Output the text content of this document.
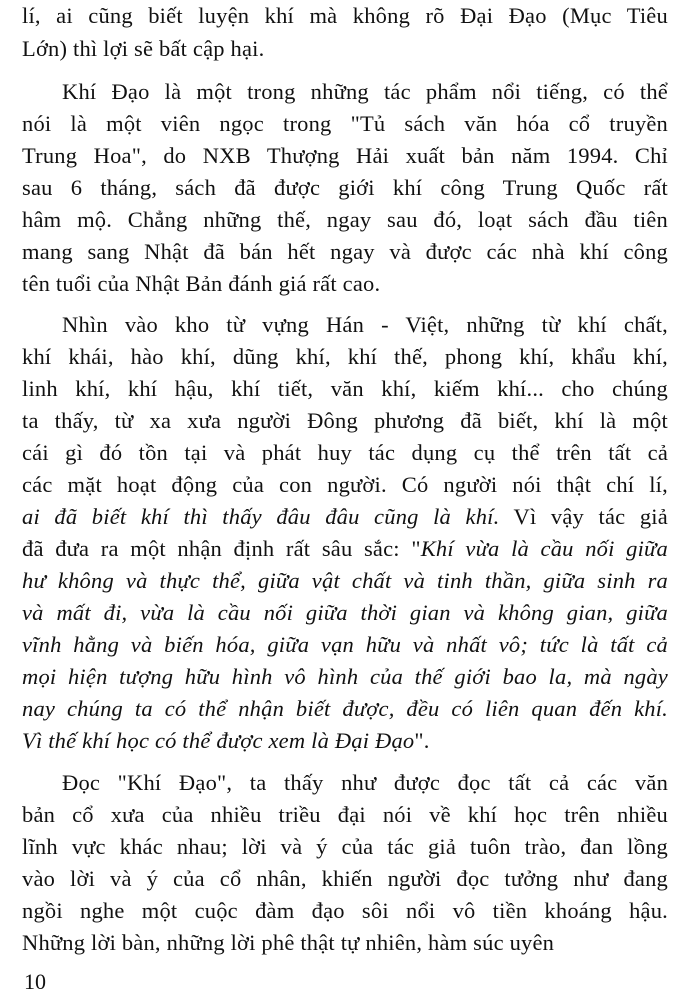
lí, ai cũng biết luyện khí mà không rõ Đại Đạo (Mục Tiêu
Lớn) thì lợi sẽ bất cập hại.
Khí Đạo là một trong những tác phẩm nổi tiếng, có thể
nói là một viên ngọc trong "Tủ sách văn hóa cổ truyền
Trung Hoa", do NXB Thượng Hải xuất bản năm 1994. Chỉ
sau 6 tháng, sách đã được giới khí công Trung Quốc rất
hâm mộ. Chẳng những thế, ngay sau đó, loạt sách đầu tiên
mang sang Nhật đã bán hết ngay và được các nhà khí công
tên tuổi của Nhật Bản đánh giá rất cao.
Nhìn vào kho từ vựng Hán - Việt, những từ khí chất,
khí khái, hào khí, dũng khí, khí thế, phong khí, khẩu khí,
linh khí, khí hậu, khí tiết, văn khí, kiếm khí... cho chúng
ta thấy, từ xa xưa người Đông phương đã biết, khí là một
cái gì đó tồn tại và phát huy tác dụng cụ thể trên tất cả
các mặt hoạt động của con người. Có người nói thật chí lí,
ai đã biết khí thì thấy đâu đâu cũng là khí. Vì vậy tác giả
đã đưa ra một nhận định rất sâu sắc: "Khí vừa là cầu nối giữa
hư không và thực thể, giữa vật chất và tinh thần, giữa sinh ra
và mất đi, vừa là cầu nối giữa thời gian và không gian, giữa
vĩnh hằng và biến hóa, giữa vạn hữu và nhất vô; tức là tất cả
mọi hiện tượng hữu hình vô hình của thế giới bao la, mà ngày
nay chúng ta có thể nhận biết được, đều có liên quan đến khí.
Vì thế khí học có thể được xem là Đại Đạo".
Đọc "Khí Đạo", ta thấy như được đọc tất cả các văn
bản cổ xưa của nhiều triều đại nói về khí học trên nhiều
lĩnh vực khác nhau; lời và ý của tác giả tuôn trào, đan lồng
vào lời và ý của cổ nhân, khiến người đọc tưởng như đang
ngồi nghe một cuộc đàm đạo sôi nổi vô tiền khoáng hậu.
Những lời bàn, những lời phê thật tự nhiên, hàm súc uyên
10
